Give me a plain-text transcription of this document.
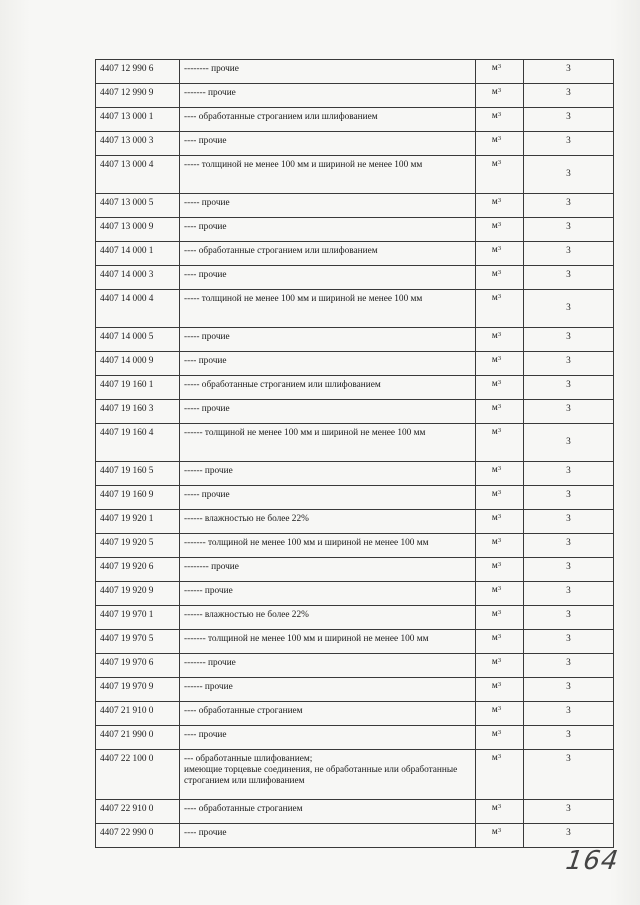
4407 12 990 6	-------- прочие	$м^3$	3
4407 12 990 9	------- прочие	$м^3$	3
4407 13 000 1	---- обработанные строганием или шлифованием	$м^3$	3
4407 13 000 3	---- прочие	$м^3$	3
4407 13 000 4	----- толщиной не менее 100 мм и шириной не менее 100 мм	$м^3$	3
4407 13 000 5	----- прочие	$м^3$	3
4407 13 000 9	---- прочие	$м^3$	3
4407 14 000 1	---- обработанные строганием или шлифованием	$м^3$	3
4407 14 000 3	---- прочие	$м^3$	3
4407 14 000 4	----- толщиной не менее 100 мм и шириной не менее 100 мм	$м^3$	3
4407 14 000 5	----- прочие	$м^3$	3
4407 14 000 9	---- прочие	$м^3$	3
4407 19 160 1	----- обработанные строганием или шлифованием	$м^3$	3
4407 19 160 3	----- прочие	$м^3$	3
4407 19 160 4	------ толщиной не менее 100 мм и шириной не менее 100 мм	$м^3$	3
4407 19 160 5	------ прочие	$м^3$	3
4407 19 160 9	----- прочие	$м^3$	3
4407 19 920 1	------ влажностью не более 22%	$м^3$	3
4407 19 920 5	------- толщиной не менее 100 мм и шириной не менее 100 мм	$м^3$	3
4407 19 920 6	-------- прочие	$м^3$	3
4407 19 920 9	------ прочие	$м^3$	3
4407 19 970 1	------ влажностью не более 22%	$м^3$	3
4407 19 970 5	------- толщиной не менее 100 мм и шириной не менее 100 мм	$м^3$	3
4407 19 970 6	------- прочие	$м^3$	3
4407 19 970 9	------ прочие	$м^3$	3
4407 21 910 0	---- обработанные строганием	$м^3$	3
4407 21 990 0	---- прочие	$м^3$	3
4407 22 100 0	--- обработанные шлифованием;
имеющие торцевые соединения, не обработанные или обработанные строганием или шлифованием	$м^3$	3
4407 22 910 0	---- обработанные строганием	$м^3$	3
4407 22 990 0	---- прочие	$м^3$	3
164
